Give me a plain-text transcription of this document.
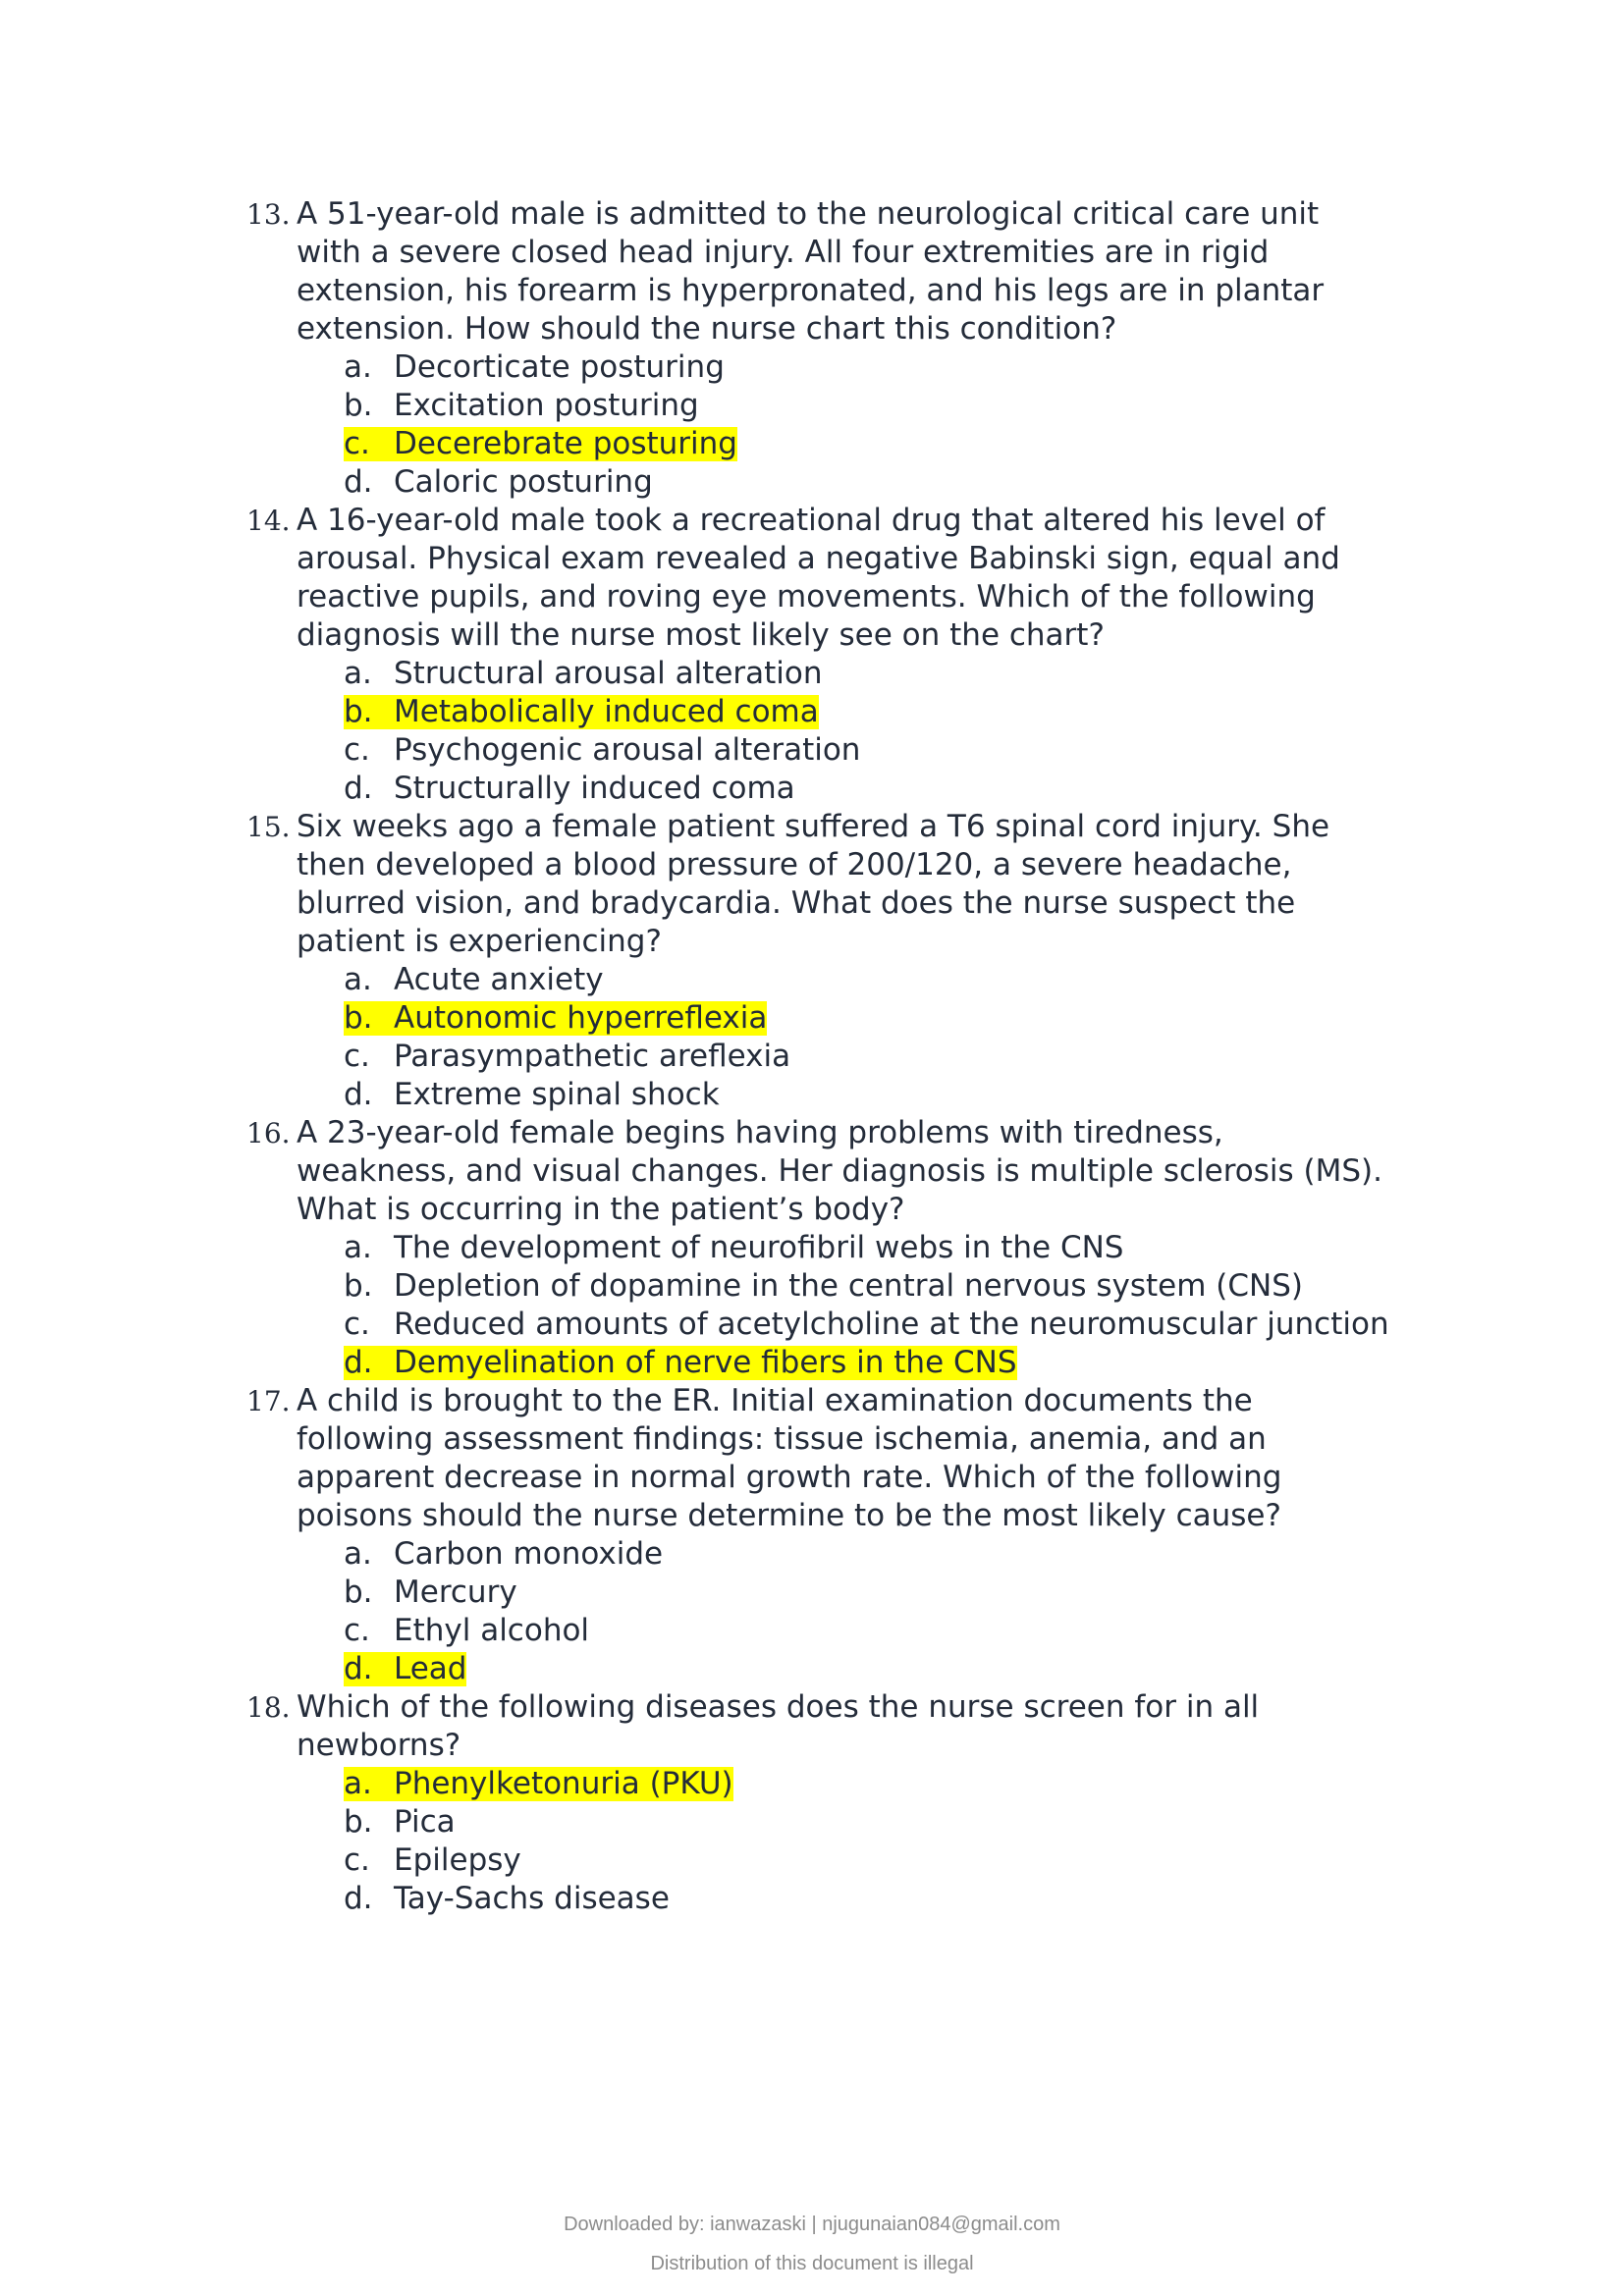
13. A 51-year-old male is admitted to the neurological critical care unit
with a severe closed head injury. All four extremities are in rigid
extension, his forearm is hyperpronated, and his legs are in plantar
extension. How should the nurse chart this condition?
a. Decorticate posturing
b. Excitation posturing
c. Decerebrate posturing
d. Caloric posturing
14. A 16-year-old male took a recreational drug that altered his level of
arousal. Physical exam revealed a negative Babinski sign, equal and
reactive pupils, and roving eye movements. Which of the following
diagnosis will the nurse most likely see on the chart?
a. Structural arousal alteration
b. Metabolically induced coma
c. Psychogenic arousal alteration
d. Structurally induced coma
15. Six weeks ago a female patient suffered a T6 spinal cord injury. She
then developed a blood pressure of 200/120, a severe headache,
blurred vision, and bradycardia. What does the nurse suspect the
patient is experiencing?
a. Acute anxiety
b. Autonomic hyperreflexia
c. Parasympathetic areflexia
d. Extreme spinal shock
16. A 23-year-old female begins having problems with tiredness,
weakness, and visual changes. Her diagnosis is multiple sclerosis (MS).
What is occurring in the patient’s body?
a. The development of neurofibril webs in the CNS
b. Depletion of dopamine in the central nervous system (CNS)
c. Reduced amounts of acetylcholine at the neuromuscular junction
d. Demyelination of nerve fibers in the CNS
17. A child is brought to the ER. Initial examination documents the
following assessment findings: tissue ischemia, anemia, and an
apparent decrease in normal growth rate. Which of the following
poisons should the nurse determine to be the most likely cause?
a. Carbon monoxide
b. Mercury
c. Ethyl alcohol
d. Lead
18. Which of the following diseases does the nurse screen for in all
newborns?
a. Phenylketonuria (PKU)
b. Pica
c. Epilepsy
d. Tay-Sachs disease
Downloaded by: ianwazaski | njugunaian084@gmail.com
Distribution of this document is illegal
